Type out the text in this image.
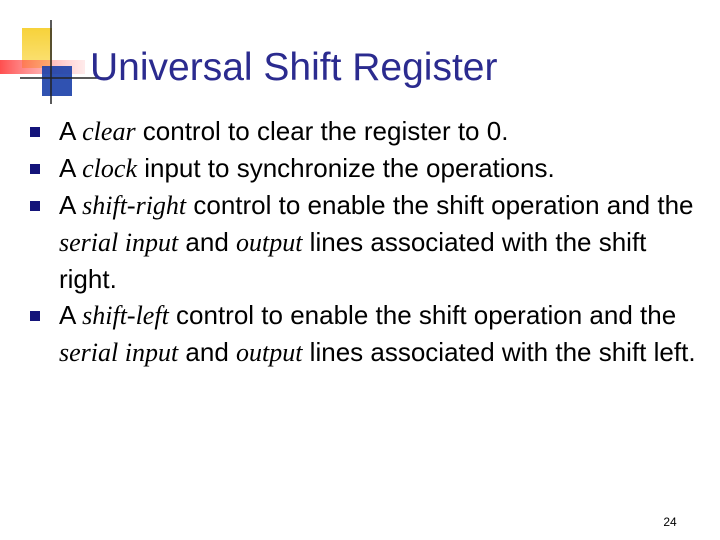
Universal Shift Register
A clear control to clear the register to 0.
A clock input to synchronize the operations.
A shift-right control to enable the shift operation and the serial input and output lines associated with the shift right.
A shift-left control to enable the shift operation and the serial input and output lines associated with the shift left.
24
